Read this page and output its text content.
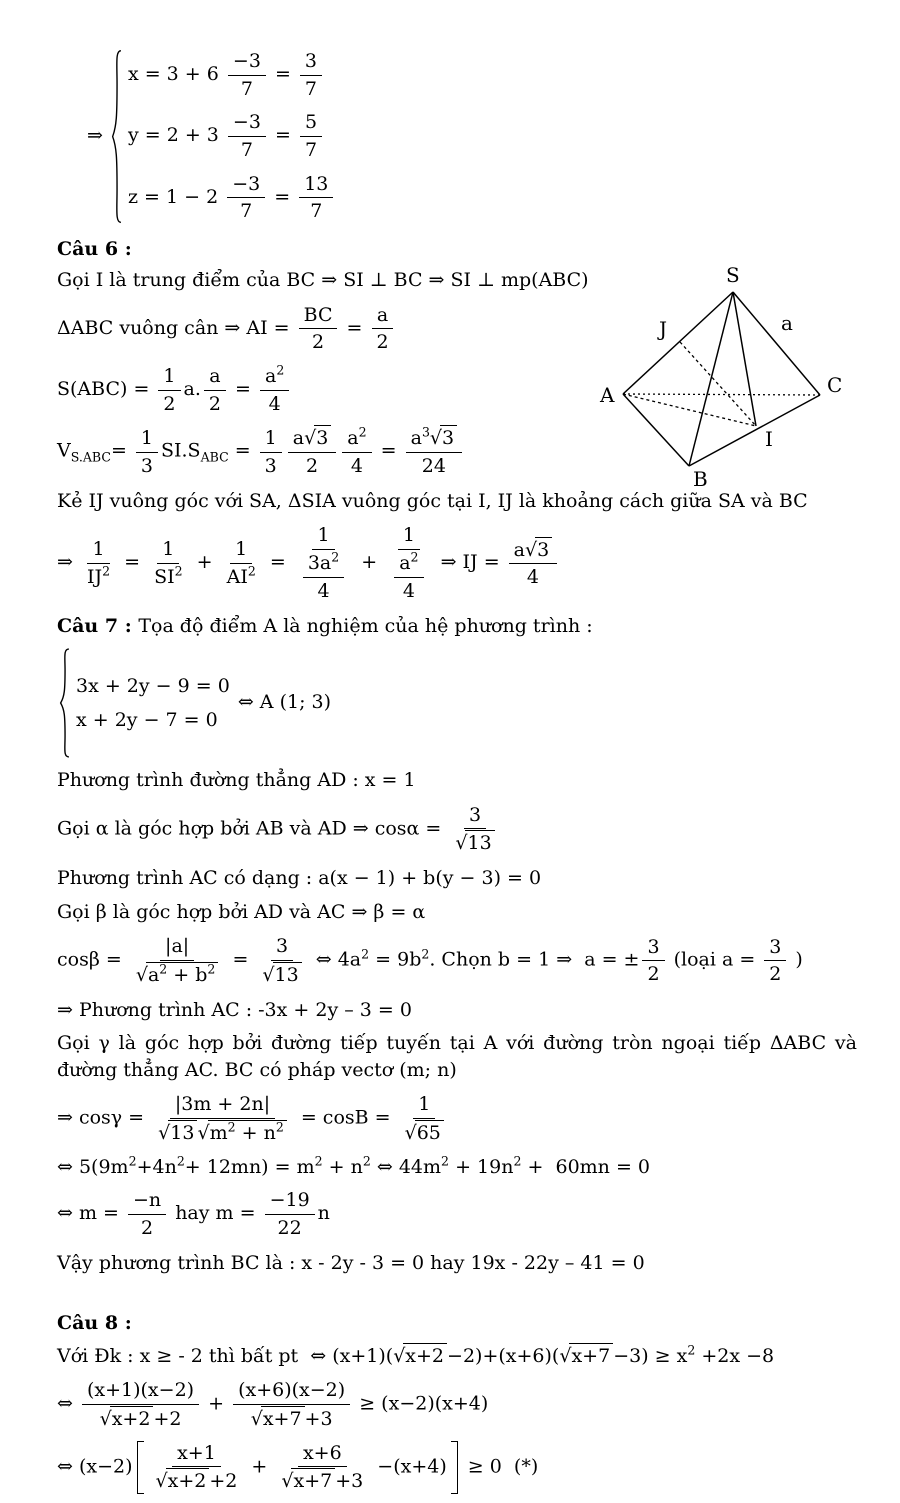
⇒
$x = 3 + 6 \frac{-3}{7} = \frac{3}{7}$
$y = 2 + 3 \frac{-3}{7} = \frac{5}{7}$
$z = 1 - 2 \frac{-3}{7} = \frac{13}{7}$
Câu 6 :
Gọi I là trung điểm của BC ⇒ SI ⊥ BC ⇒ SI ⊥ mp(ABC)
ΔABC vuông cân ⇒ AI = $\frac{BC}{2} = \frac{a}{2}$
$S(ABC) = \frac{1}{2} a$. $\frac{a}{2} = \frac{a^2}{4}$
$V_{S.ABC}= \frac{1}{3} SI.S_{ABC} = \frac{1}{3} \frac{a√3}{2} \frac{a^2}{4} = \frac{a^3√3}{24}$
Kẻ IJ vuông góc với SA, ΔSIA vuông góc tại I, IJ là khoảng cách giữa SA và BC
⇒ $\frac{1}{IJ^2} = \frac{1}{SI^2} + \frac{1}{AI^2} = \frac{1}{\frac{3a^2}{4}} + \frac{1}{\frac{a^2}{4}}$ ⇒ IJ = $\frac{a√3}{4}$
Câu 7 : Tọa độ điểm A là nghiệm của hệ phương trình :
3x + 2y − 9 = 0
x + 2y − 7 = 0
⇔ A (1; 3)
Phương trình đường thẳng AD : x = 1
Gọi α là góc hợp bởi AB và AD ⇒ $\cos\alpha = \frac{3}{√13}$
Phương trình AC có dạng : a(x − 1) + b(y − 3) = 0
Gọi β là góc hợp bởi AD và AC ⇒ β = α
$\cos\beta = \frac{|a|}{√a^2 + b^2} = \frac{3}{√13}$ ⇔ $4a^2 = 9b^2$. Chọn b = 1 ⇒  a = ± $\frac{3}{2}$ (loại $a = \frac{3}{2}$ )
⇒ Phương trình AC : -3x + 2y – 3 = 0
Gọi γ là góc hợp bởi đường tiếp tuyến tại A với đường tròn ngoại tiếp ΔABC và đường thẳng AC. BC có pháp vectơ (m; n)
⇒ $\cos\gamma = \frac{|3m + 2n|}{√13 √m^2 + n^2} = \cos B = \frac{1}{√65}$
⇔ $5(9m^2+4n^2+ 12mn) = m^2 + n^2$ ⇔ $44m^2 + 19n^2 + 60mn = 0$
⇔ $m = \frac{-n}{2}$ hay $m = \frac{-19}{22}$ n
Vậy phương trình BC là : x - 2y - 3 = 0 hay 19x - 22y – 41 = 0
Câu 8 :
Với Đk : x ≥ - 2 thì bất pt  ⇔ $(x+1)(√x+2 -2)+(x+6)(√x+7 -3) \ge x^2 +2x -8$
⇔ $\frac{(x+1)(x-2)}{√x+2 +2} + \frac{(x+6)(x-2)}{√x+7 +3} \ge (x-2)(x+4)$
⇔ $(x-2) \frac{x+1}{√x+2 +2} + \frac{x+6}{√x+7 +3} -(x+4) \ge 0$  (*)
S
J	a
A	C
I
B
